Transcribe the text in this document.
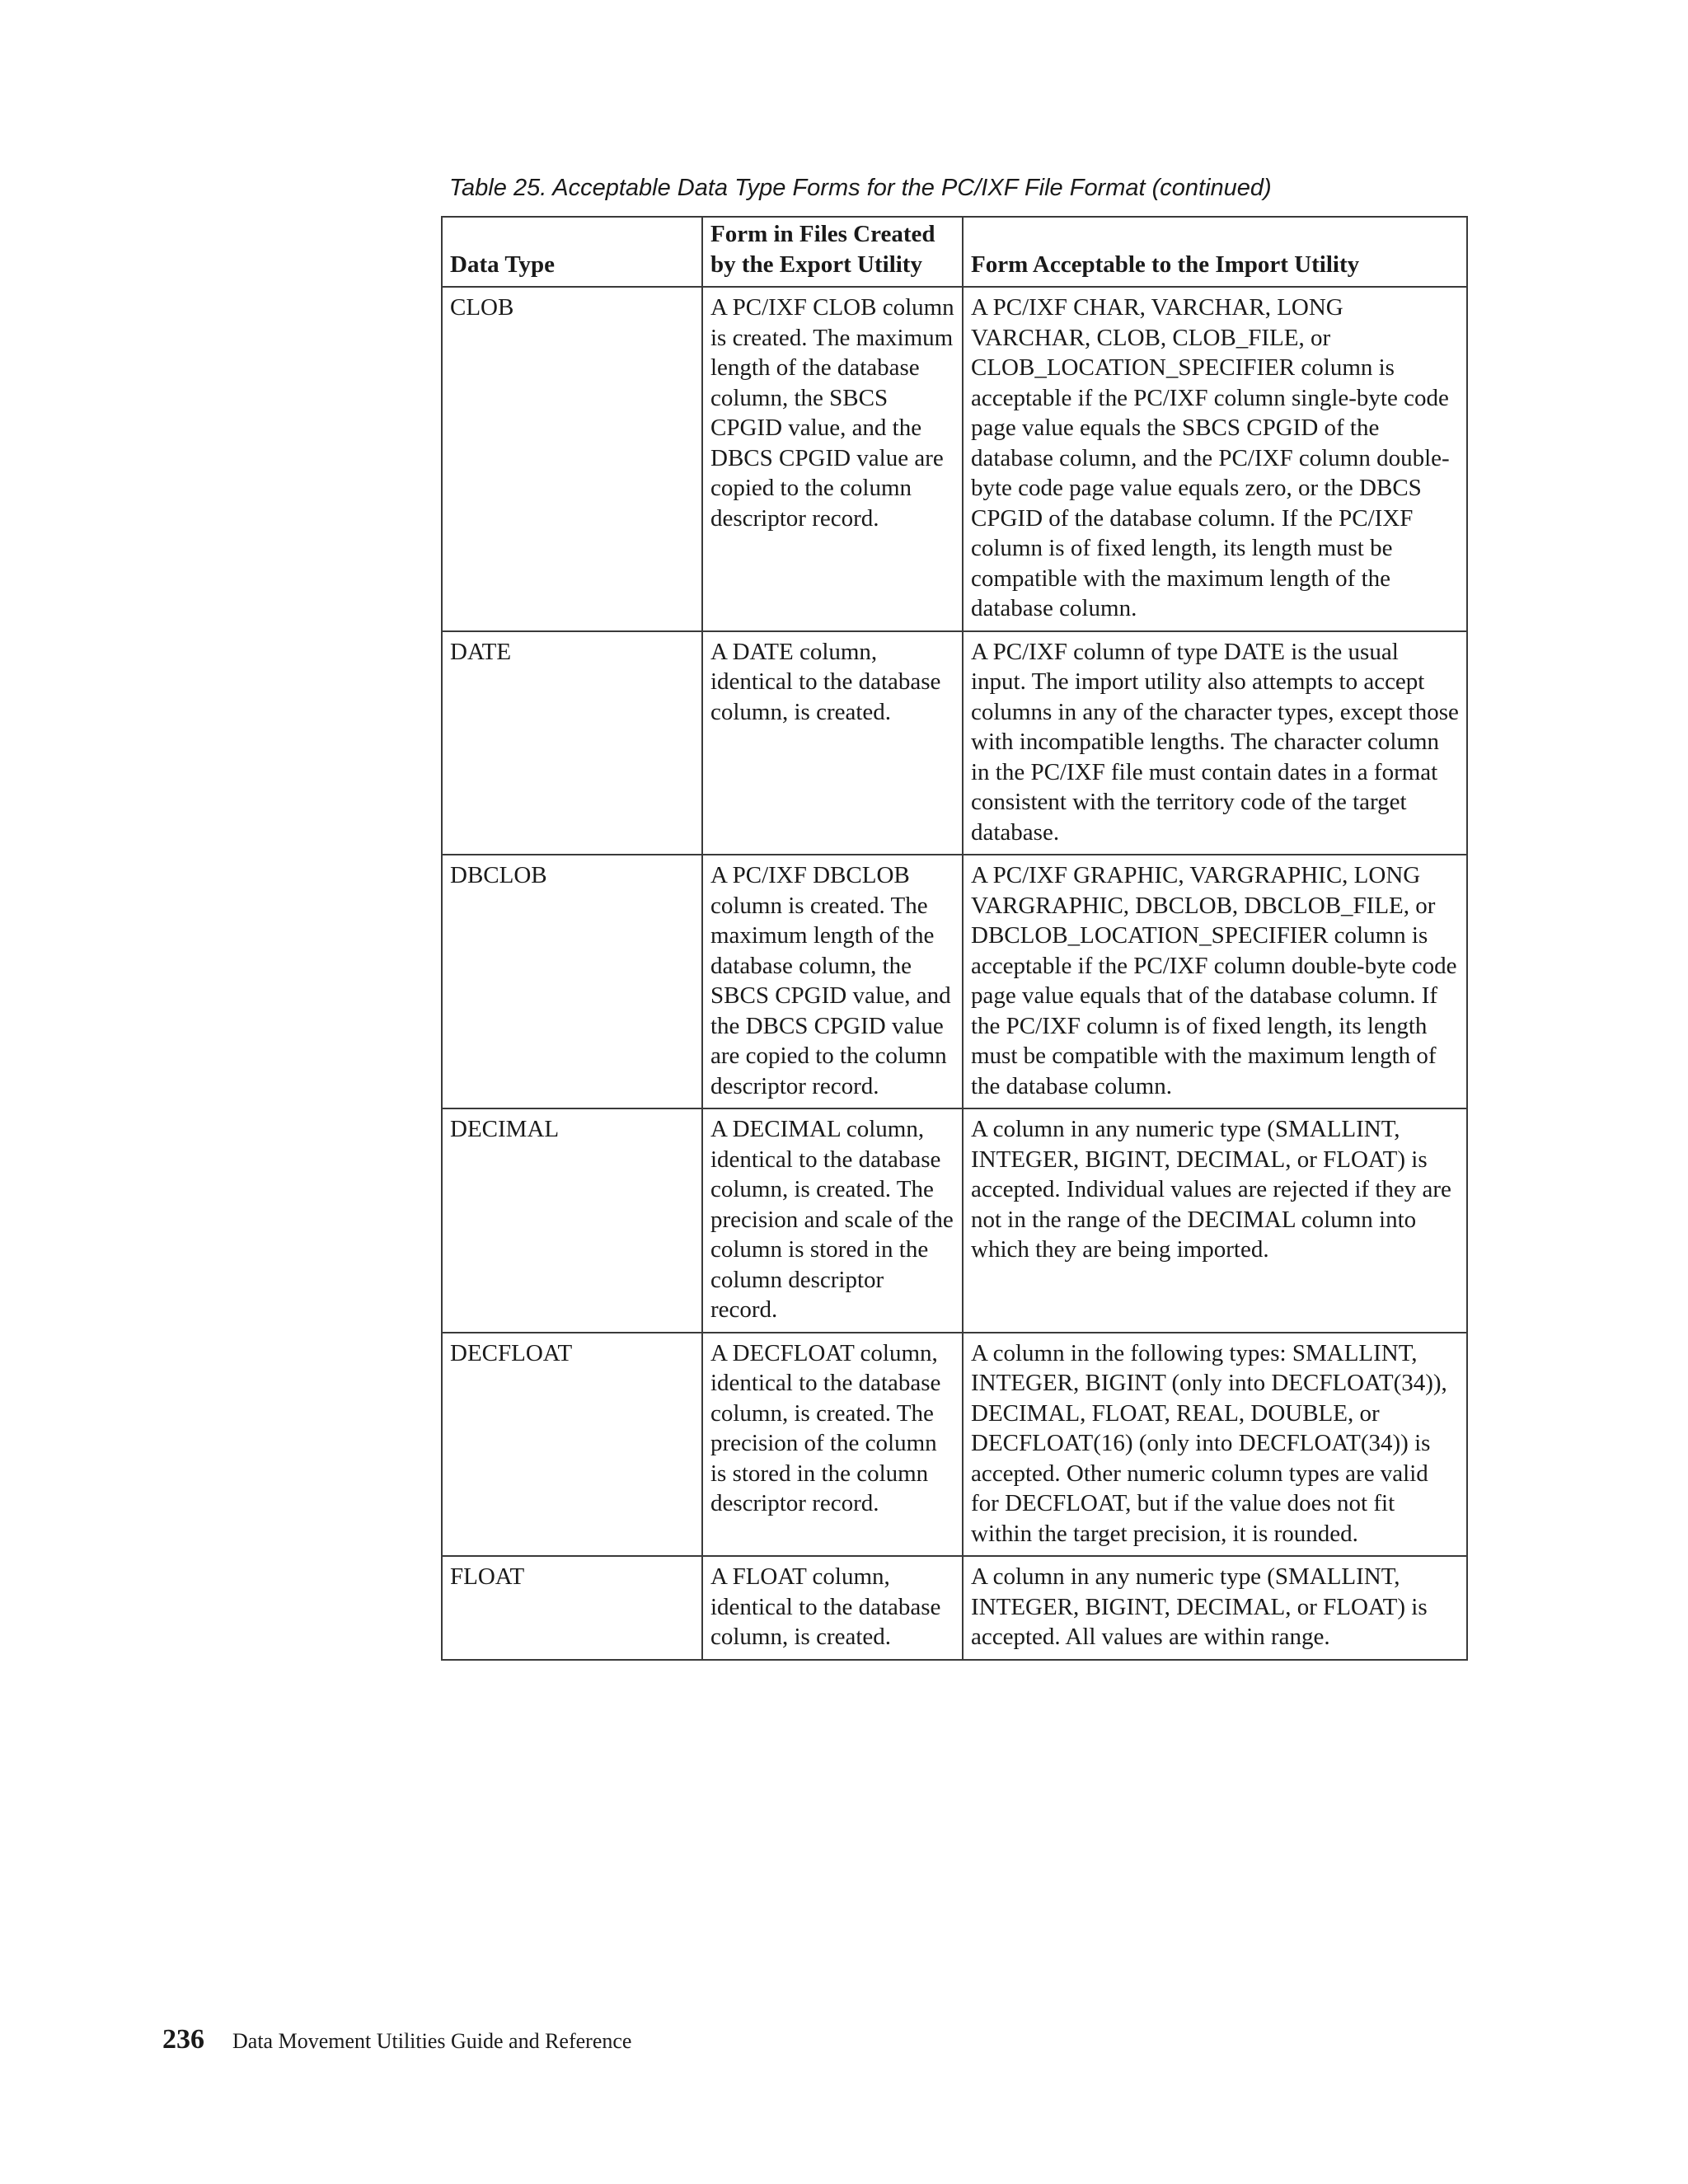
Table 25. Acceptable Data Type Forms for the PC/IXF File Format (continued)
Data Type	Form in Files Created by the Export Utility	Form Acceptable to the Import Utility
CLOB	A PC/IXF CLOB column is created. The maximum length of the database column, the SBCS CPGID value, and the DBCS CPGID value are copied to the column descriptor record.	A PC/IXF CHAR, VARCHAR, LONG VARCHAR, CLOB, CLOB_FILE, or CLOB_LOCATION_SPECIFIER column is acceptable if the PC/IXF column single-byte code page value equals the SBCS CPGID of the database column, and the PC/IXF column double-byte code page value equals zero, or the DBCS CPGID of the database column. If the PC/IXF column is of fixed length, its length must be compatible with the maximum length of the database column.
DATE	A DATE column, identical to the database column, is created.	A PC/IXF column of type DATE is the usual input. The import utility also attempts to accept columns in any of the character types, except those with incompatible lengths. The character column in the PC/IXF file must contain dates in a format consistent with the territory code of the target database.
DBCLOB	A PC/IXF DBCLOB column is created. The maximum length of the database column, the SBCS CPGID value, and the DBCS CPGID value are copied to the column descriptor record.	A PC/IXF GRAPHIC, VARGRAPHIC, LONG VARGRAPHIC, DBCLOB, DBCLOB_FILE, or DBCLOB_LOCATION_SPECIFIER column is acceptable if the PC/IXF column double-byte code page value equals that of the database column. If the PC/IXF column is of fixed length, its length must be compatible with the maximum length of the database column.
DECIMAL	A DECIMAL column, identical to the database column, is created. The precision and scale of the column is stored in the column descriptor record.	A column in any numeric type (SMALLINT, INTEGER, BIGINT, DECIMAL, or FLOAT) is accepted. Individual values are rejected if they are not in the range of the DECIMAL column into which they are being imported.
DECFLOAT	A DECFLOAT column, identical to the database column, is created. The precision of the column is stored in the column descriptor record.	A column in the following types: SMALLINT, INTEGER, BIGINT (only into DECFLOAT(34)), DECIMAL, FLOAT, REAL, DOUBLE, or DECFLOAT(16) (only into DECFLOAT(34)) is accepted. Other numeric column types are valid for DECFLOAT, but if the value does not fit within the target precision, it is rounded.
FLOAT	A FLOAT column, identical to the database column, is created.	A column in any numeric type (SMALLINT, INTEGER, BIGINT, DECIMAL, or FLOAT) is accepted. All values are within range.
236 Data Movement Utilities Guide and Reference
